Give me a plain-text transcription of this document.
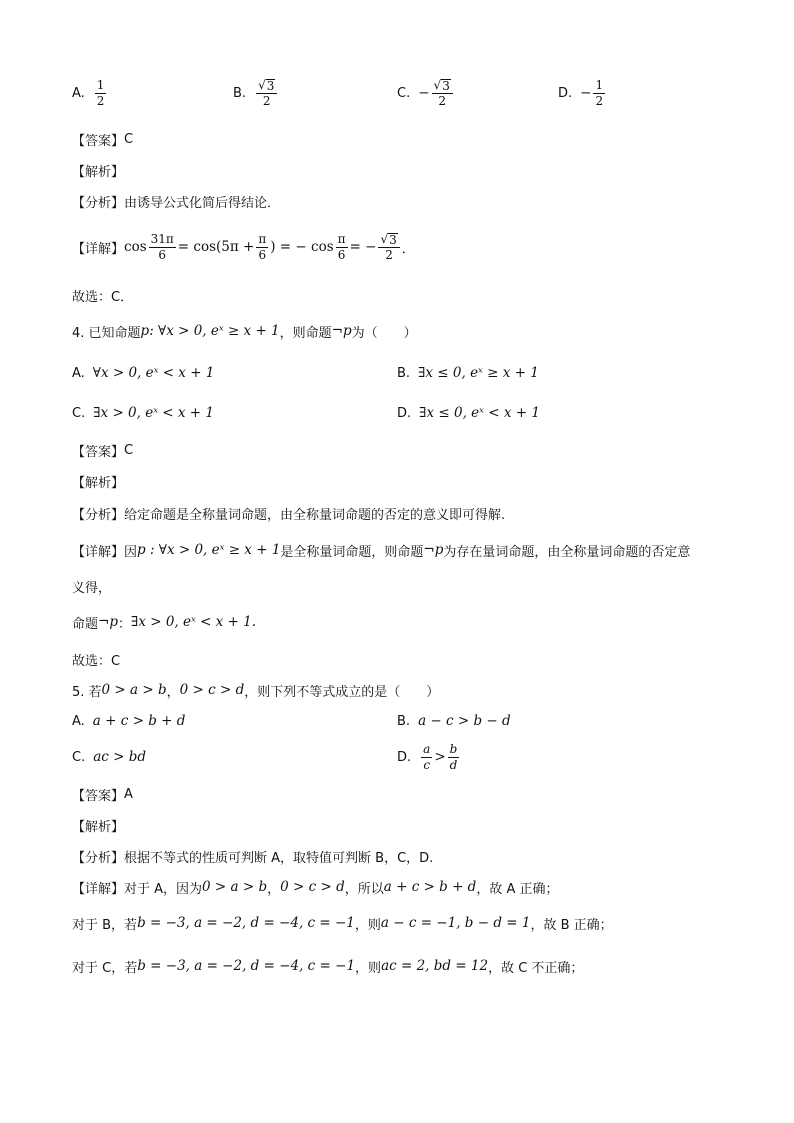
A. $\frac{1}{2}$	B. $\frac{√ 3}{2}$	C. − $\frac{√ 3}{2}$	D. − $\frac{1}{2}$
【答案】 C
【解析】
【分析】 由诱导公式化简后得结论．
【详解】 $\cos \frac{31\pi}{6} = \cos(5\pi + \frac{\pi}{6}$ ) = − $\cos \frac{\pi}{6}$ = − $\frac{√ 3}{2}$ ．
故选：C．
4. 已知命题 p : ∀x > 0, eˣ ≥ x + 1 ，则命题 ¬p 为（　　）
A. ∀x > 0, eˣ < x + 1	B. ∃x ≤ 0, eˣ ≥ x + 1
C. ∃x > 0, eˣ < x + 1	D. ∃x ≤ 0, eˣ < x + 1
【答案】 C
【解析】
【分析】 给定命题是全称量词命题，由全称量词命题的否定的意义即可得解.
【详解】 因 p : ∀x > 0, eˣ ≥ x + 1 是全称量词命题，则命题 ¬p 为存在量词命题，由全称量词命题的否定意
义得，
命题 ¬p ： ∃x > 0, eˣ < x + 1.
故选：C
5. 若 0 > a > b ， 0 > c > d ，则下列不等式成立的是（　　）
A. a + c > b + d	B. a − c > b − d
C. ac > bd	D. $\frac{a}{c} > \frac{b}{d}$
【答案】 A
【解析】
【分析】 根据不等式的性质可判断 A，取特值可判断 B，C，D.
【详解】 对于 A，因为 0 > a > b ， 0 > c > d ，所以 a + c > b + d ，故 A 正确；
对于 B，若 b = −3, a = −2, d = −4, c = −1 ，则 a − c = −1, b − d = 1 ，故 B 正确；
对于 C，若 b = −3, a = −2, d = −4, c = −1 ，则 ac = 2, bd = 12 ，故 C 不正确；
